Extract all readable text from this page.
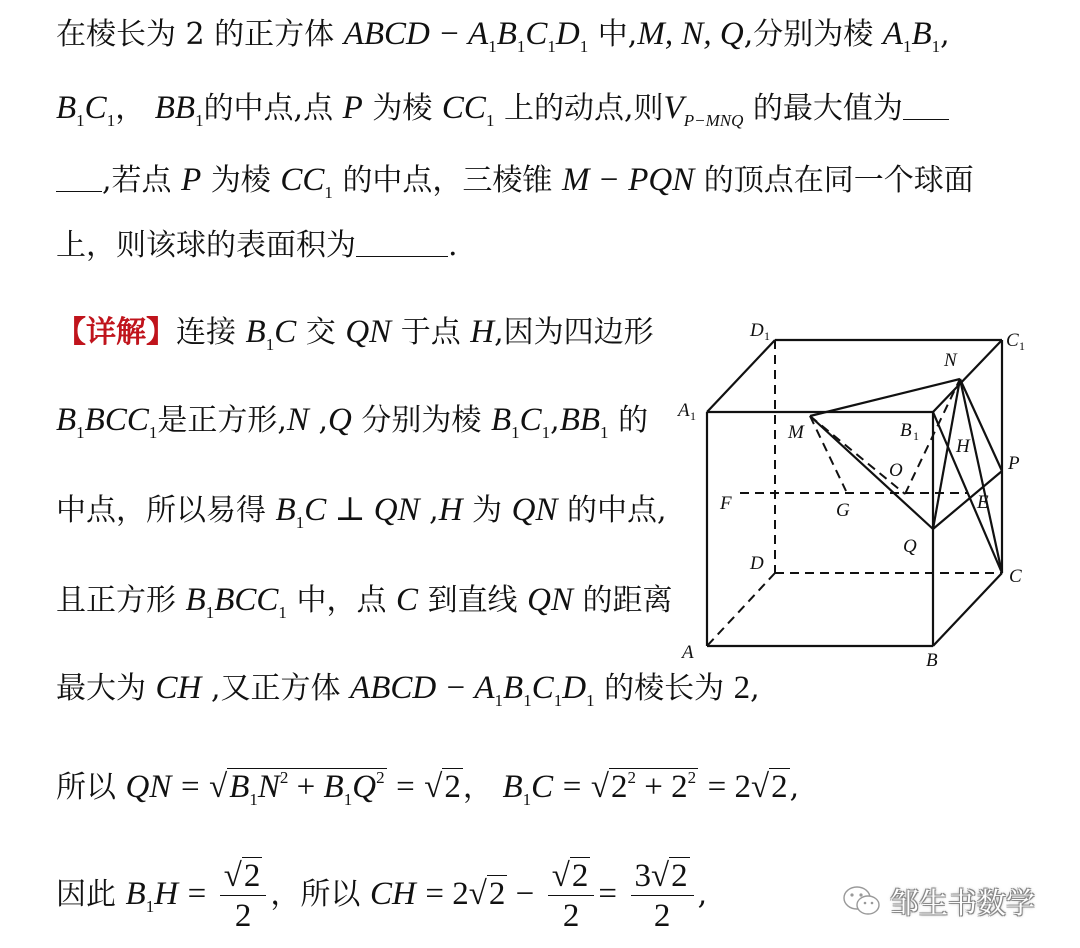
在棱长为 2 的正方体 ABCD − $A_1B_1C_1D_1$ 中,M, N, Q,分别为棱 $A_1B_1$,
$B_1C_1$， $BB_1$的中点,点 P 为棱 $CC_1$ 上的动点,则$V_{P-MNQ}$ 的最大值为
,若点 P 为棱 $CC_1$ 的中点，三棱锥 M − PQN 的顶点在同一个球面
上，则该球的表面积为	.
【详解】连接 $B_1C$ 交 QN 于点 H,因为四边形
$B_1BCC_1$是正方形,N ,Q 分别为棱 $B_1C_1,BB_1$ 的
中点，所以易得 $B_1C$ ⊥ QN ,H 为 QN 的中点,
且正方形 $B_1BCC_1$ 中，点 C 到直线 QN 的距离
最大为 CH ,又正方体 ABCD − $A_1B_1C_1D_1$ 的棱长为 2,
所以 QN = $√B_1N^2 + B_1Q^2 = √2$， $B_1C = √2^2 + 2^2 = 2√2$,
因此 $B_1H = \frac{√2}{2}$ ，所以 CH = $2√2 - \frac{√2}{2} = \frac{3√2}{2}$ ,
D 1	C 1
N
A 1
M	B 1 H
O	P
F	G	E
Q
D
C
A	B
邹生书数学
